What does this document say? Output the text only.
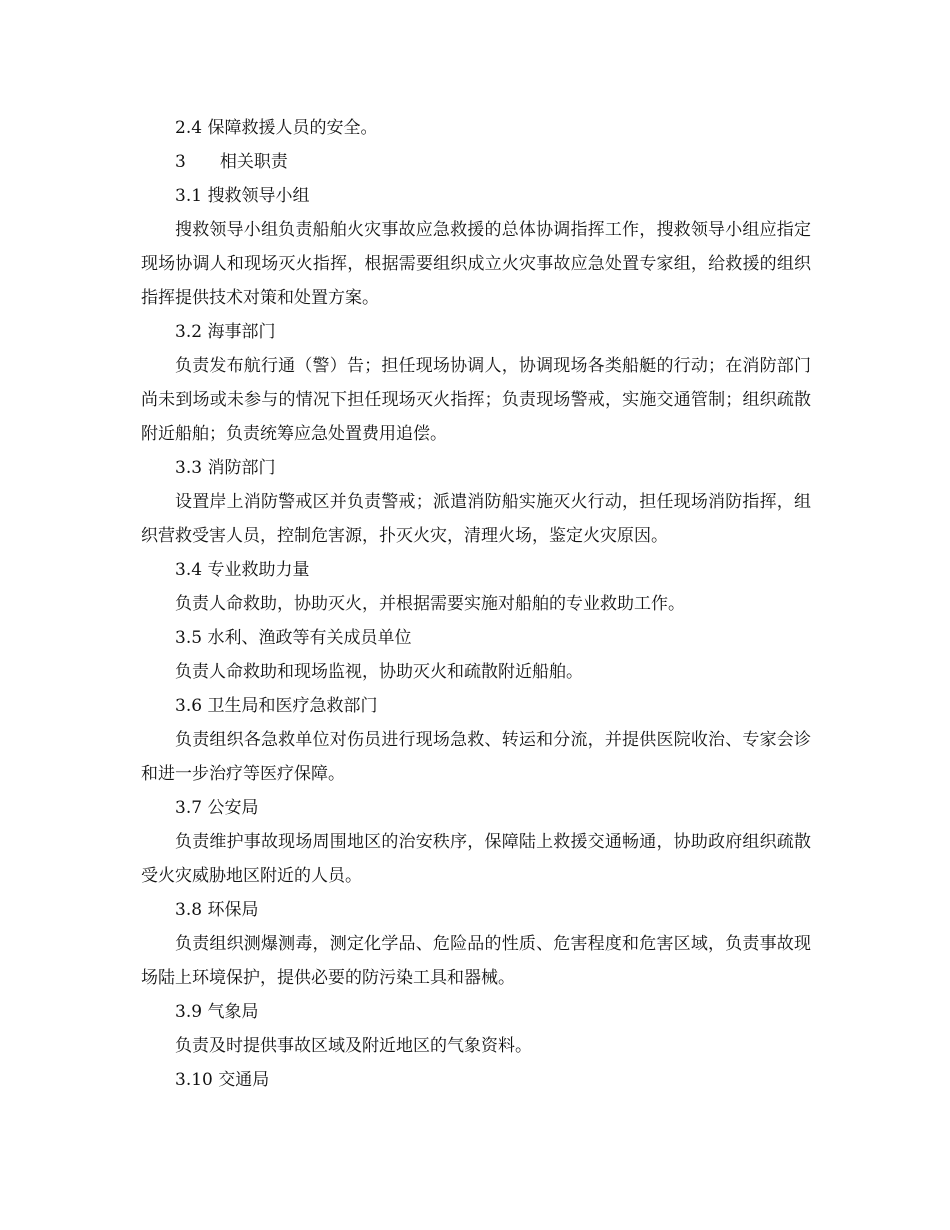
2.4 保障救援人员的安全。

3　　相关职责

3.1 搜救领导小组

搜救领导小组负责船舶火灾事故应急救援的总体协调指挥工作，搜救领导小组应指定现场协调人和现场灭火指挥，根据需要组织成立火灾事故应急处置专家组，给救援的组织指挥提供技术对策和处置方案。

3.2 海事部门

负责发布航行通（警）告；担任现场协调人，协调现场各类船艇的行动；在消防部门尚未到场或未参与的情况下担任现场灭火指挥；负责现场警戒，实施交通管制；组织疏散附近船舶；负责统筹应急处置费用追偿。

3.3 消防部门

设置岸上消防警戒区并负责警戒；派遣消防船实施灭火行动，担任现场消防指挥，组织营救受害人员，控制危害源，扑灭火灾，清理火场，鉴定火灾原因。

3.4 专业救助力量

负责人命救助，协助灭火，并根据需要实施对船舶的专业救助工作。

3.5 水利、渔政等有关成员单位

负责人命救助和现场监视，协助灭火和疏散附近船舶。

3.6 卫生局和医疗急救部门

负责组织各急救单位对伤员进行现场急救、转运和分流，并提供医院收治、专家会诊和进一步治疗等医疗保障。

3.7 公安局

负责维护事故现场周围地区的治安秩序，保障陆上救援交通畅通，协助政府组织疏散受火灾威胁地区附近的人员。

3.8 环保局

负责组织测爆测毒，测定化学品、危险品的性质、危害程度和危害区域，负责事故现场陆上环境保护，提供必要的防污染工具和器械。

3.9 气象局

负责及时提供事故区域及附近地区的气象资料。

3.10 交通局
